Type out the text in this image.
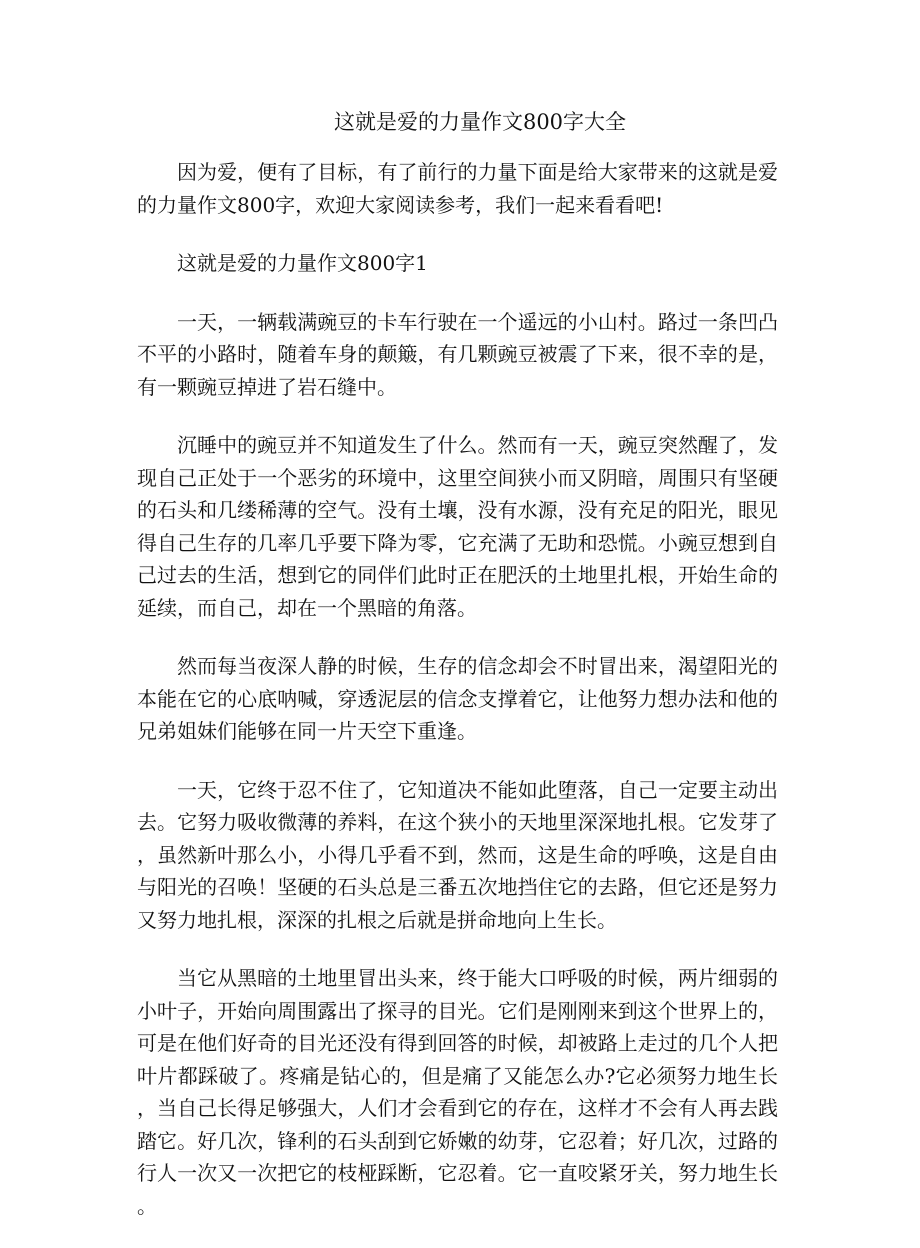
这就是爱的力量作文800字大全

因为爱，便有了目标，有了前行的力量下面是给大家带来的这就是爱的力量作文800字，欢迎大家阅读参考，我们一起来看看吧!

这就是爱的力量作文800字1

一天，一辆载满豌豆的卡车行驶在一个遥远的小山村。路过一条凹凸不平的小路时，随着车身的颠簸，有几颗豌豆被震了下来，很不幸的是，有一颗豌豆掉进了岩石缝中。

沉睡中的豌豆并不知道发生了什么。然而有一天，豌豆突然醒了，发现自己正处于一个恶劣的环境中，这里空间狭小而又阴暗，周围只有坚硬的石头和几缕稀薄的空气。没有土壤，没有水源，没有充足的阳光，眼见得自己生存的几率几乎要下降为零，它充满了无助和恐慌。小豌豆想到自己过去的生活，想到它的同伴们此时正在肥沃的土地里扎根，开始生命的延续，而自己，却在一个黑暗的角落。

然而每当夜深人静的时候，生存的信念却会不时冒出来，渴望阳光的本能在它的心底呐喊，穿透泥层的信念支撑着它，让他努力想办法和他的兄弟姐妹们能够在同一片天空下重逢。

一天，它终于忍不住了，它知道决不能如此堕落，自己一定要主动出去。它努力吸收微薄的养料，在这个狭小的天地里深深地扎根。它发芽了，虽然新叶那么小，小得几乎看不到，然而，这是生命的呼唤，这是自由与阳光的召唤！坚硬的石头总是三番五次地挡住它的去路，但它还是努力又努力地扎根，深深的扎根之后就是拼命地向上生长。

当它从黑暗的土地里冒出头来，终于能大口呼吸的时候，两片细弱的小叶子，开始向周围露出了探寻的目光。它们是刚刚来到这个世界上的，可是在他们好奇的目光还没有得到回答的时候，却被路上走过的几个人把叶片都踩破了。疼痛是钻心的，但是痛了又能怎么办?它必须努力地生长，当自己长得足够强大，人们才会看到它的存在，这样才不会有人再去践踏它。好几次，锋利的石头刮到它娇嫩的幼芽，它忍着；好几次，过路的行人一次又一次把它的枝桠踩断，它忍着。它一直咬紧牙关，努力地生长。
